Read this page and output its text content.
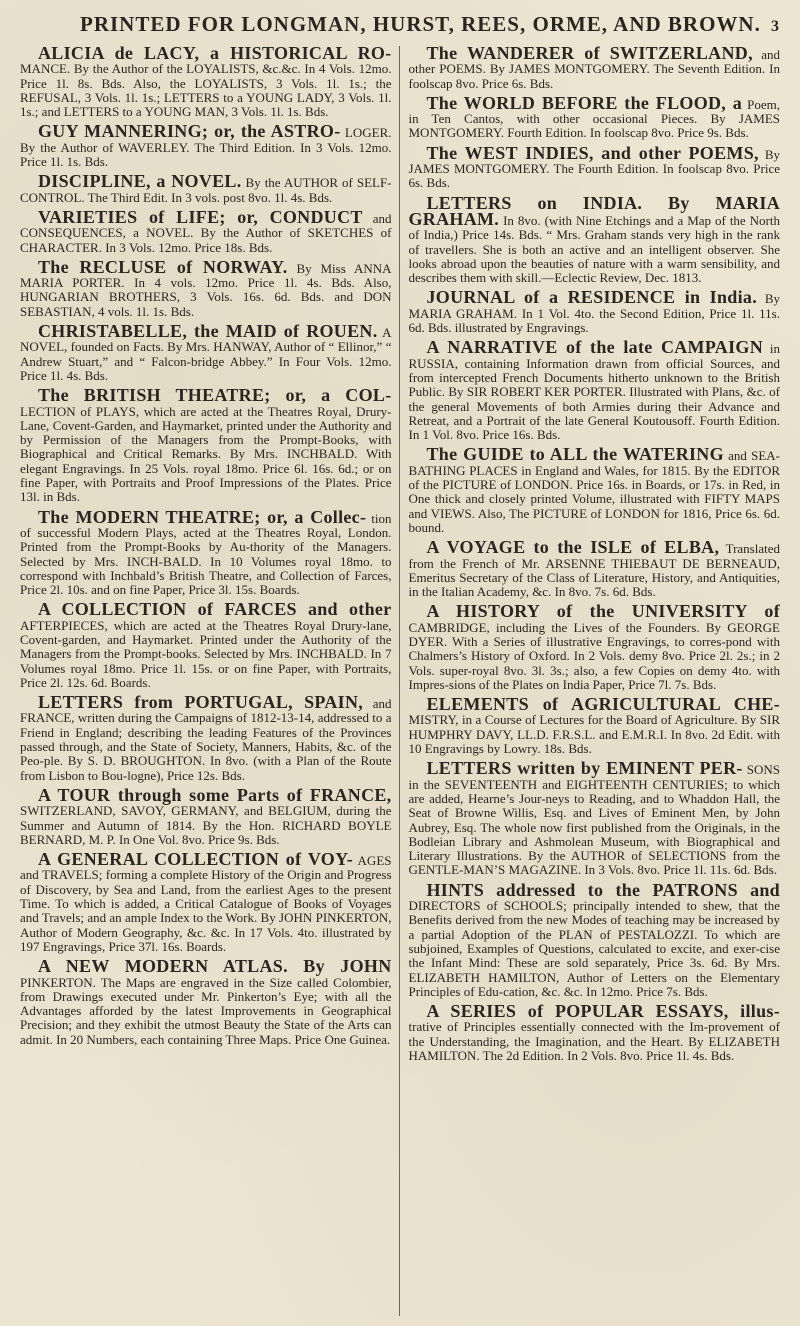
PRINTED FOR LONGMAN, HURST, REES, ORME, AND BROWN. 3

ALICIA de LACY, a HISTORICAL RO- MANCE. By the Author of the LOYALISTS, &c.&c. In 4 Vols. 12mo. Price 1l. 8s. Bds. Also, the LOYALISTS, 3 Vols. 1l. 1s.; the REFUSAL, 3 Vols. 1l. 1s.; LETTERS to a YOUNG LADY, 3 Vols. 1l. 1s.; and LETTERS to a YOUNG MAN, 3 Vols. 1l. 1s. Bds.

GUY MANNERING; or, the ASTRO- LOGER. By the Author of WAVERLEY. The Third Edition. In 3 Vols. 12mo. Price 1l. 1s. Bds.

DISCIPLINE, a NOVEL. By the AUTHOR of SELF-CONTROL. The Third Edit. In 3 vols. post 8vo. 1l. 4s. Bds.

VARIETIES of LIFE; or, CONDUCT and CONSEQUENCES, a NOVEL. By the Author of SKETCHES of CHARACTER. In 3 Vols. 12mo. Price 18s. Bds.

The RECLUSE of NORWAY. By Miss ANNA MARIA PORTER. In 4 vols. 12mo. Price 1l. 4s. Bds. Also, HUNGARIAN BROTHERS, 3 Vols. 16s. 6d. Bds. and DON SEBASTIAN, 4 vols. 1l. 1s. Bds.

CHRISTABELLE, the MAID of ROUEN. A NOVEL, founded on Facts. By Mrs. HANWAY, Author of “ Ellinor,” “ Andrew Stuart,” and “ Falcon-bridge Abbey.” In Four Vols. 12mo. Price 1l. 4s. Bds.

The BRITISH THEATRE; or, a COL- LECTION of PLAYS, which are acted at the Theatres Royal, Drury-Lane, Covent-Garden, and Haymarket, printed under the Authority and by Permission of the Managers from the Prompt-Books, with Biographical and Critical Remarks. By Mrs. INCHBALD. With elegant Engravings. In 25 Vols. royal 18mo. Price 6l. 16s. 6d.; or on fine Paper, with Portraits and Proof Impressions of the Plates. Price 13l. in Bds.

The MODERN THEATRE; or, a Collec- tion of successful Modern Plays, acted at the Theatres Royal, London. Printed from the Prompt-Books by Au-thority of the Managers. Selected by Mrs. INCH-BALD. In 10 Volumes royal 18mo. to correspond with Inchbald’s British Theatre, and Collection of Farces, Price 2l. 10s. and on fine Paper, Price 3l. 15s. Boards.

A COLLECTION of FARCES and other AFTERPIECES, which are acted at the Theatres Royal Drury-lane, Covent-garden, and Haymarket. Printed under the Authority of the Managers from the Prompt-books. Selected by Mrs. INCHBALD. In 7 Volumes royal 18mo. Price 1l. 15s. or on fine Paper, with Portraits, Price 2l. 12s. 6d. Boards.

LETTERS from PORTUGAL, SPAIN, and FRANCE, written during the Campaigns of 1812-13-14, addressed to a Friend in England; describing the leading Features of the Provinces passed through, and the State of Society, Manners, Habits, &c. of the Peo-ple. By S. D. BROUGHTON. In 8vo. (with a Plan of the Route from Lisbon to Bou-logne), Price 12s. Bds.

A TOUR through some Parts of FRANCE, SWITZERLAND, SAVOY, GERMANY, and BELGIUM, during the Summer and Autumn of 1814. By the Hon. RICHARD BOYLE BERNARD, M. P. In One Vol. 8vo. Price 9s. Bds.

A GENERAL COLLECTION of VOY- AGES and TRAVELS; forming a complete History of the Origin and Progress of Discovery, by Sea and Land, from the earliest Ages to the present Time. To which is added, a Critical Catalogue of Books of Voyages and Travels; and an ample Index to the Work. By JOHN PINKERTON, Author of Modern Geography, &c. &c. In 17 Vols. 4to. illustrated by 197 Engravings, Price 37l. 16s. Boards.

A NEW MODERN ATLAS. By JOHN PINKERTON. The Maps are engraved in the Size called Colombier, from Drawings executed under Mr. Pinkerton’s Eye; with all the Advantages afforded by the latest Improvements in Geographical Precision; and they exhibit the utmost Beauty the State of the Arts can admit. In 20 Numbers, each containing Three Maps. Price One Guinea.

The WANDERER of SWITZERLAND, and other POEMS. By JAMES MONTGOMERY. The Seventh Edition. In foolscap 8vo. Price 6s. Bds.

The WORLD BEFORE the FLOOD, a Poem, in Ten Cantos, with other occasional Pieces. By JAMES MONTGOMERY. Fourth Edition. In foolscap 8vo. Price 9s. Bds.

The WEST INDIES, and other POEMS, By JAMES MONTGOMERY. The Fourth Edition. In foolscap 8vo. Price 6s. Bds.

LETTERS on INDIA. By MARIA GRAHAM. In 8vo. (with Nine Etchings and a Map of the North of India,) Price 14s. Bds. “ Mrs. Graham stands very high in the rank of travellers. She is both an active and an intelligent observer. She looks abroad upon the beauties of nature with a warm sensibility, and describes them with skill.—Eclectic Review, Dec. 1813.

JOURNAL of a RESIDENCE in India. By MARIA GRAHAM. In 1 Vol. 4to. the Second Edition, Price 1l. 11s. 6d. Bds. illustrated by Engravings.

A NARRATIVE of the late CAMPAIGN in RUSSIA, containing Information drawn from official Sources, and from intercepted French Documents hitherto unknown to the British Public. By SIR ROBERT KER PORTER. Illustrated with Plans, &c. of the general Movements of both Armies during their Advance and Retreat, and a Portrait of the late General Koutousoff. Fourth Edition. In 1 Vol. 8vo. Price 16s. Bds.

The GUIDE to ALL the WATERING and SEA-BATHING PLACES in England and Wales, for 1815. By the EDITOR of the PICTURE of LONDON. Price 16s. in Boards, or 17s. in Red, in One thick and closely printed Volume, illustrated with FIFTY MAPS and VIEWS. Also, The PICTURE of LONDON for 1816, Price 6s. 6d. bound.

A VOYAGE to the ISLE of ELBA, Translated from the French of Mr. ARSENNE THIEBAUT DE BERNEAUD, Emeritus Secretary of the Class of Literature, History, and Antiquities, in the Italian Academy, &c. In 8vo. 7s. 6d. Bds.

A HISTORY of the UNIVERSITY of CAMBRIDGE, including the Lives of the Founders. By GEORGE DYER. With a Series of illustrative Engravings, to corres-pond with Chalmers’s History of Oxford. In 2 Vols. demy 8vo. Price 2l. 2s.; in 2 Vols. super-royal 8vo. 3l. 3s.; also, a few Copies on demy 4to. with Impres-sions of the Plates on India Paper, Price 7l. 7s. Bds.

ELEMENTS of AGRICULTURAL CHE- MISTRY, in a Course of Lectures for the Board of Agriculture. By SIR HUMPHRY DAVY, LL.D. F.R.S.L. and E.M.R.I. In 8vo. 2d Edit. with 10 Engravings by Lowry. 18s. Bds.

LETTERS written by EMINENT PER- SONS in the SEVENTEENTH and EIGHTEENTH CENTURIES; to which are added, Hearne’s Jour-neys to Reading, and to Whaddon Hall, the Seat of Browne Willis, Esq. and Lives of Eminent Men, by John Aubrey, Esq. The whole now first published from the Originals, in the Bodleian Library and Ashmolean Museum, with Biographical and Literary Illustrations. By the AUTHOR of SELECTIONS from the GENTLE-MAN’S MAGAZINE. In 3 Vols. 8vo. Price 1l. 11s. 6d. Bds.

HINTS addressed to the PATRONS and DIRECTORS of SCHOOLS; principally intended to shew, that the Benefits derived from the new Modes of teaching may be increased by a partial Adoption of the PLAN of PESTALOZZI. To which are subjoined, Examples of Questions, calculated to excite, and exer-cise the Infant Mind: These are sold separately, Price 3s. 6d. By Mrs. ELIZABETH HAMILTON, Author of Letters on the Elementary Principles of Edu-cation, &c. &c. In 12mo. Price 7s. Bds.

A SERIES of POPULAR ESSAYS, illus- trative of Principles essentially connected with the Im-provement of the Understanding, the Imagination, and the Heart. By ELIZABETH HAMILTON. The 2d Edition. In 2 Vols. 8vo. Price 1l. 4s. Bds.
